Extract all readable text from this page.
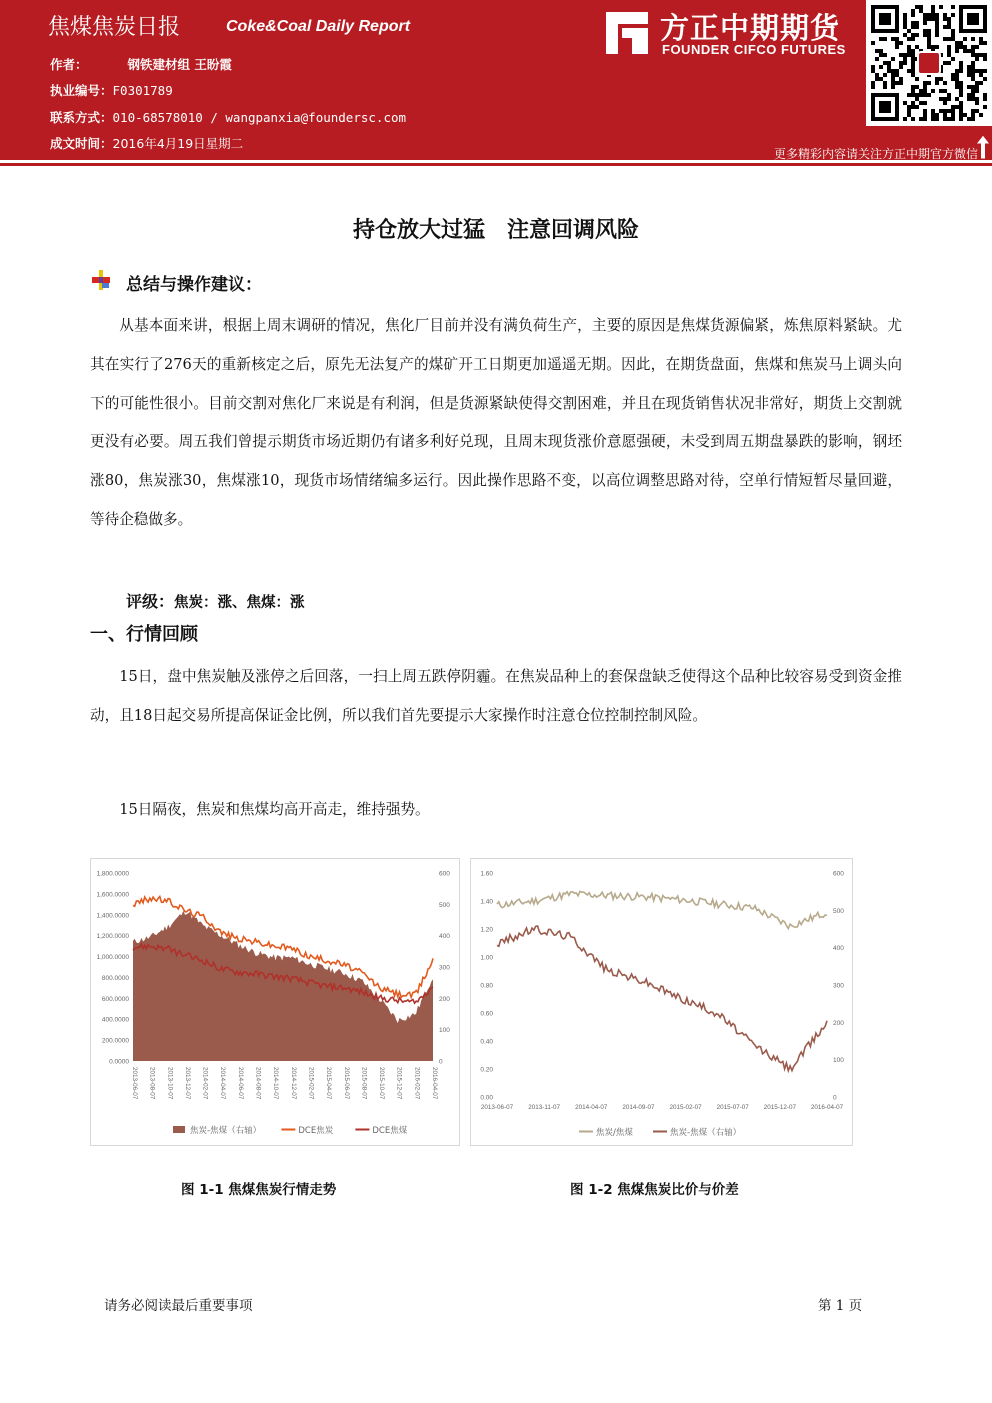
焦煤焦炭日报	Coke&Coal Daily Report
作者：	钢铁建材组 王盼霞
执业编号：F0301789
联系方式：010-68578010 / wangpanxia@foundersc.com
成文时间：2016年4月19日星期二
方正中期期货
FOUNDER CIFCO FUTURES
更多精彩内容请关注方正中期官方微信
持仓放大过猛　注意回调风险
总结与操作建议：
从基本面来讲，根据上周末调研的情况，焦化厂目前并没有满负荷生产，主要的原因是焦煤货源偏紧，炼焦原料紧缺。尤其在实行了276天的重新核定之后，原先无法复产的煤矿开工日期更加遥遥无期。因此，在期货盘面，焦煤和焦炭马上调头向下的可能性很小。目前交割对焦化厂来说是有利润，但是货源紧缺使得交割困难，并且在现货销售状况非常好，期货上交割就更没有必要。周五我们曾提示期货市场近期仍有诸多利好兑现，且周末现货涨价意愿强硬，未受到周五期盘暴跌的影响，钢坯涨80，焦炭涨30，焦煤涨10，现货市场情绪编多运行。因此操作思路不变，以高位调整思路对待，空单行情短暂尽量回避，等待企稳做多。
评级：焦炭：涨、焦煤：涨
一、行情回顾
15日，盘中焦炭触及涨停之后回落，一扫上周五跌停阴霾。在焦炭品种上的套保盘缺乏使得这个品种比较容易受到资金推动，且18日起交易所提高保证金比例，所以我们首先要提示大家操作时注意仓位控制控制风险。
15日隔夜，焦炭和焦煤均高开高走，维持强势。
0.0000
200.0000
400.0000
600.0000
800.0000
1,000.0000
1,200.0000
1,400.0000
1,600.0000
1,800.0000
0
100
200
300
400
500
600
2013-06-07 2013-08-07 2013-10-07 2013-12-07 2014-02-07 2014-04-07 2014-06-07 2014-08-07 2014-10-07 2014-12-07 2015-02-07 2015-04-07 2015-06-07 2015-08-07 2015-10-07 2015-12-07 2016-02-07 2016-04-07
焦炭-焦煤（右轴）	DCE焦炭	DCE焦煤
0.00
0.20
0.40
0.60
0.80
1.00
1.20
1.40
1.60
0
100
200
300
400
500
600
2013-06-07 2013-11-07 2014-04-07 2014-09-07 2015-02-07 2015-07-07 2015-12-07 2016-04-07
焦炭/焦煤	焦炭-焦煤（右轴）
图 1-1 焦煤焦炭行情走势	图 1-2 焦煤焦炭比价与价差
请务必阅读最后重要事项	第 1 页
